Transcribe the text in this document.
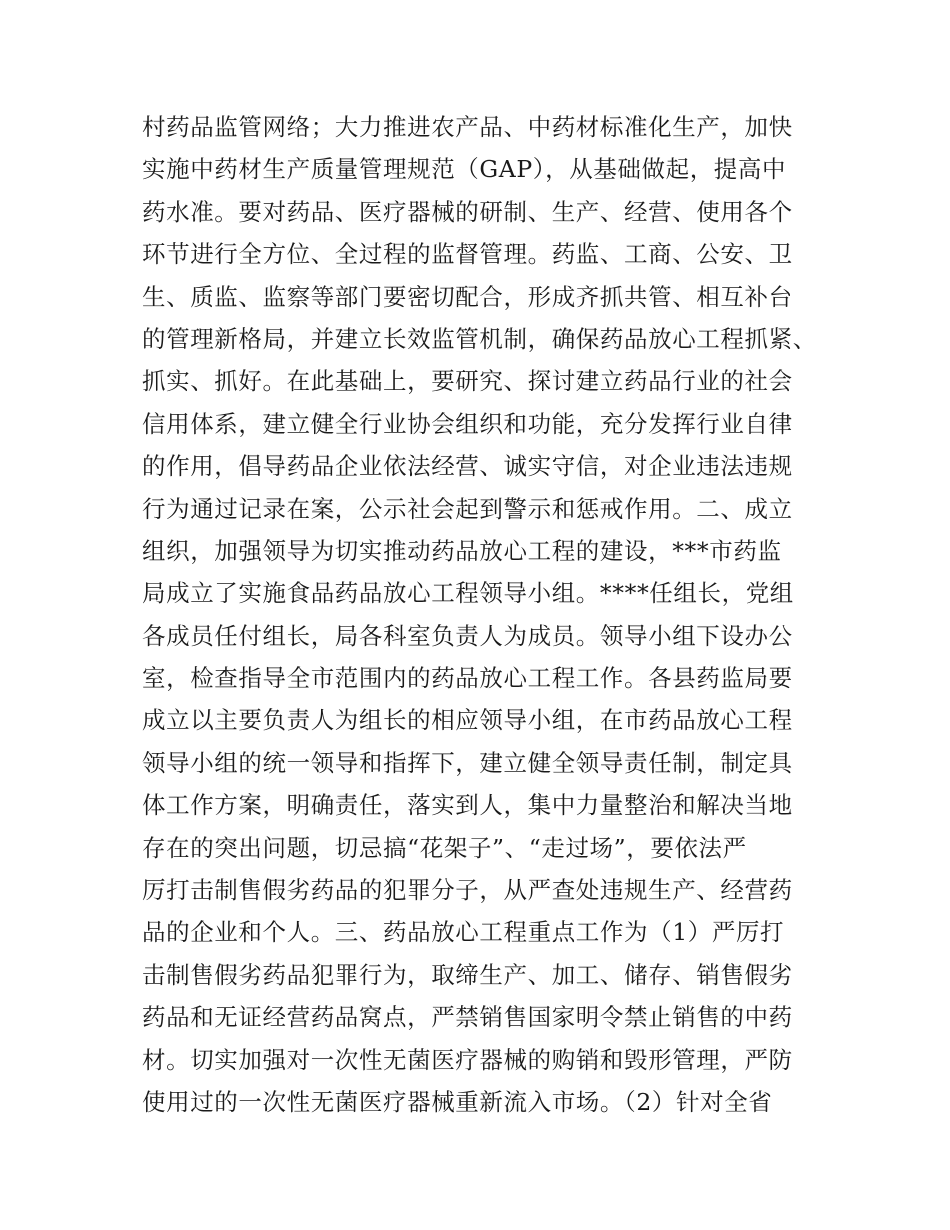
村药品监管网络；大力推进农产品、中药材标准化生产，加快
实施中药材生产质量管理规范（GAP），从基础做起，提高中
药水准。要对药品、医疗器械的研制、生产、经营、使用各个
环节进行全方位、全过程的监督管理。药监、工商、公安、卫
生、质监、监察等部门要密切配合，形成齐抓共管、相互补台
的管理新格局，并建立长效监管机制，确保药品放心工程抓紧、
抓实、抓好。在此基础上，要研究、探讨建立药品行业的社会
信用体系，建立健全行业协会组织和功能，充分发挥行业自律
的作用，倡导药品企业依法经营、诚实守信，对企业违法违规
行为通过记录在案，公示社会起到警示和惩戒作用。二、成立
组织，加强领导为切实推动药品放心工程的建设，***市药监
局成立了实施食品药品放心工程领导小组。****任组长，党组
各成员任付组长，局各科室负责人为成员。领导小组下设办公
室，检查指导全市范围内的药品放心工程工作。各县药监局要
成立以主要负责人为组长的相应领导小组，在市药品放心工程
领导小组的统一领导和指挥下，建立健全领导责任制，制定具
体工作方案，明确责任，落实到人，集中力量整治和解决当地
存在的突出问题，切忌搞“花架子”、“走过场”，要依法严
厉打击制售假劣药品的犯罪分子，从严查处违规生产、经营药
品的企业和个人。三、药品放心工程重点工作为（1）严厉打
击制售假劣药品犯罪行为，取缔生产、加工、储存、销售假劣
药品和无证经营药品窝点，严禁销售国家明令禁止销售的中药
材。切实加强对一次性无菌医疗器械的购销和毁形管理，严防
使用过的一次性无菌医疗器械重新流入市场。（2）针对全省
